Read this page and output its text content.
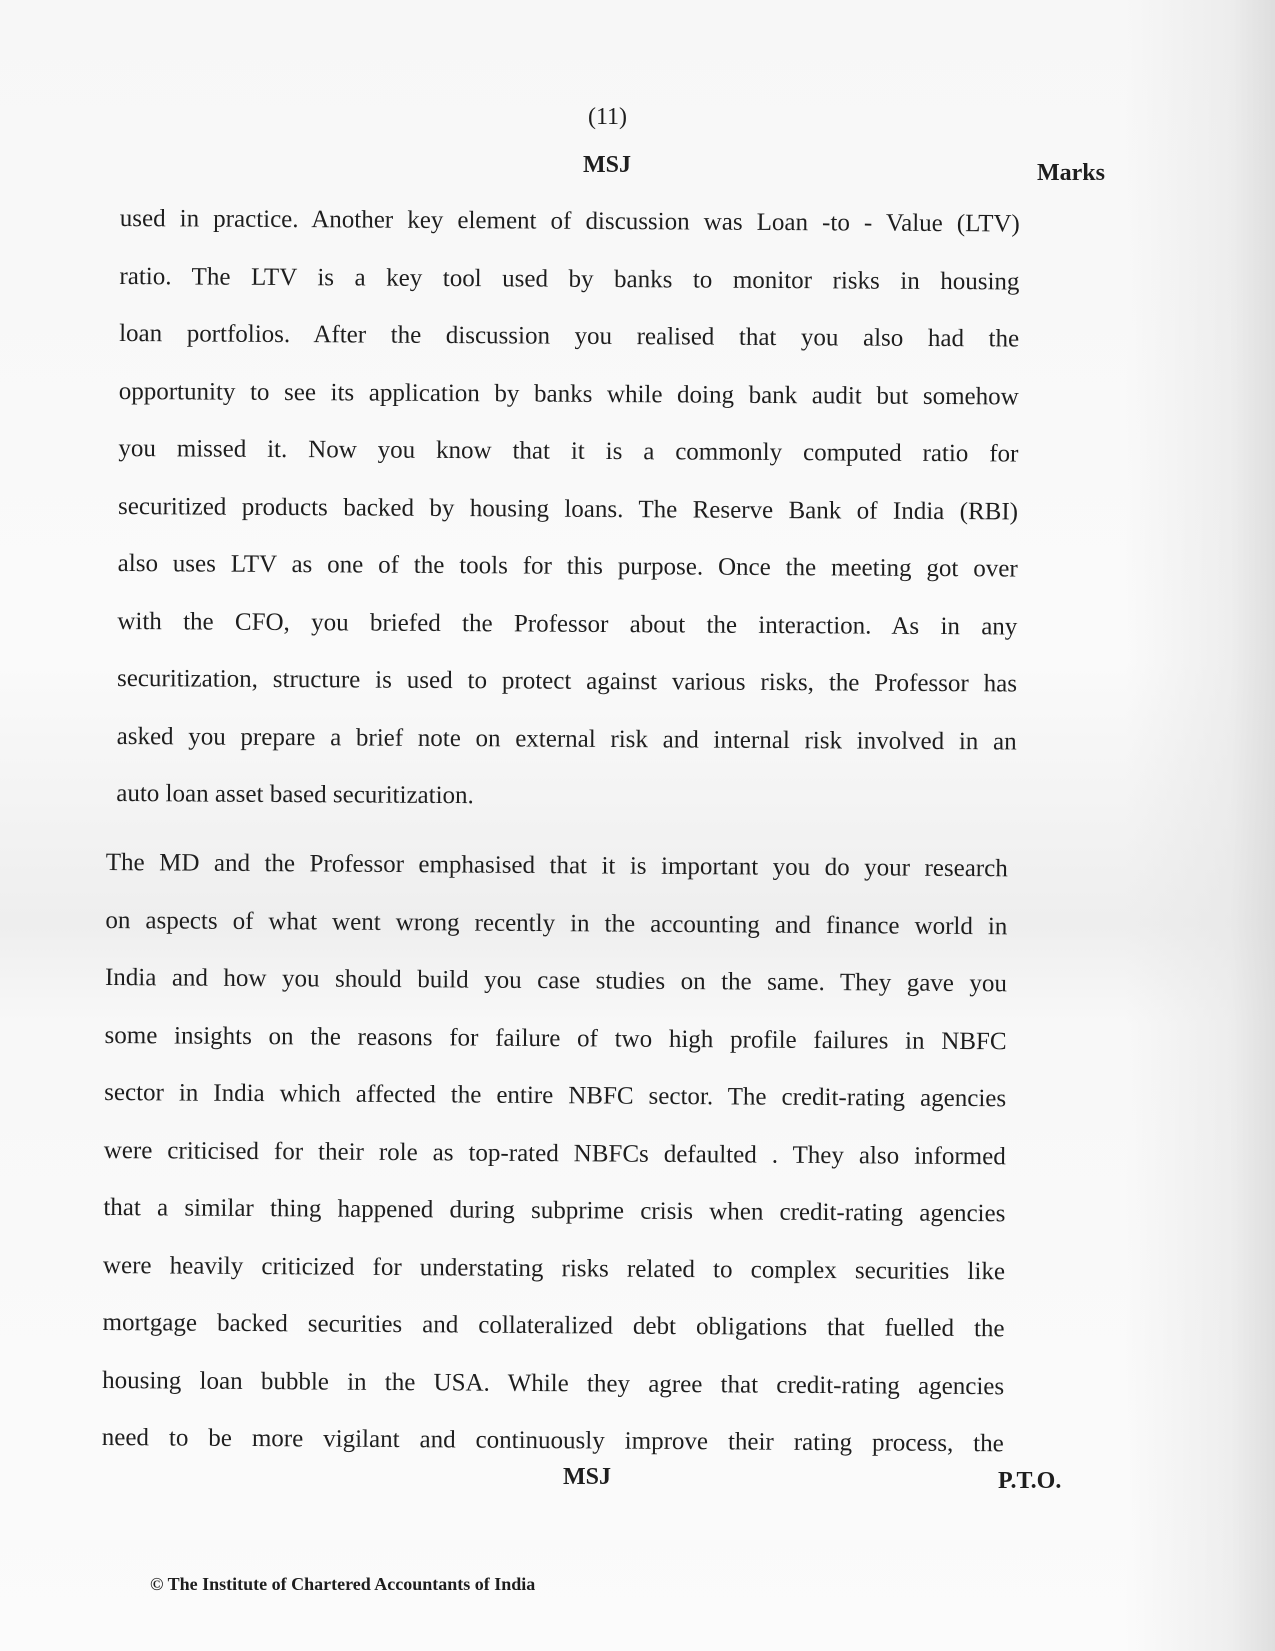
(11)
MSJ	Marks
used in practice. Another key element of discussion was Loan -to - Value (LTV)
ratio. The LTV is a key tool used by banks to monitor risks in housing
loan portfolios. After the discussion you realised that you also had the
opportunity to see its application by banks while doing bank audit but somehow
you missed it. Now you know that it is a commonly computed ratio for
securitized products backed by housing loans. The Reserve Bank of India (RBI)
also uses LTV as one of the tools for this purpose. Once the meeting got over
with the CFO, you briefed the Professor about the interaction. As in any
securitization, structure is used to protect against various risks, the Professor has
asked you prepare a brief note on external risk and internal risk involved in an
auto loan asset based securitization.
The MD and the Professor emphasised that it is important you do your research
on aspects of what went wrong recently in the accounting and finance world in
India and how you should build you case studies on the same. They gave you
some insights on the reasons for failure of two high profile failures in NBFC
sector in India which affected the entire NBFC sector. The credit-rating agencies
were criticised for their role as top-rated NBFCs defaulted . They also informed
that a similar thing happened during subprime crisis when credit-rating agencies
were heavily criticized for understating risks related to complex securities like
mortgage backed securities and collateralized debt obligations that fuelled the
housing loan bubble in the USA. While they agree that credit-rating agencies
need to be more vigilant and continuously improve their rating process, the
MSJ	P.T.O.
© The Institute of Chartered Accountants of India
